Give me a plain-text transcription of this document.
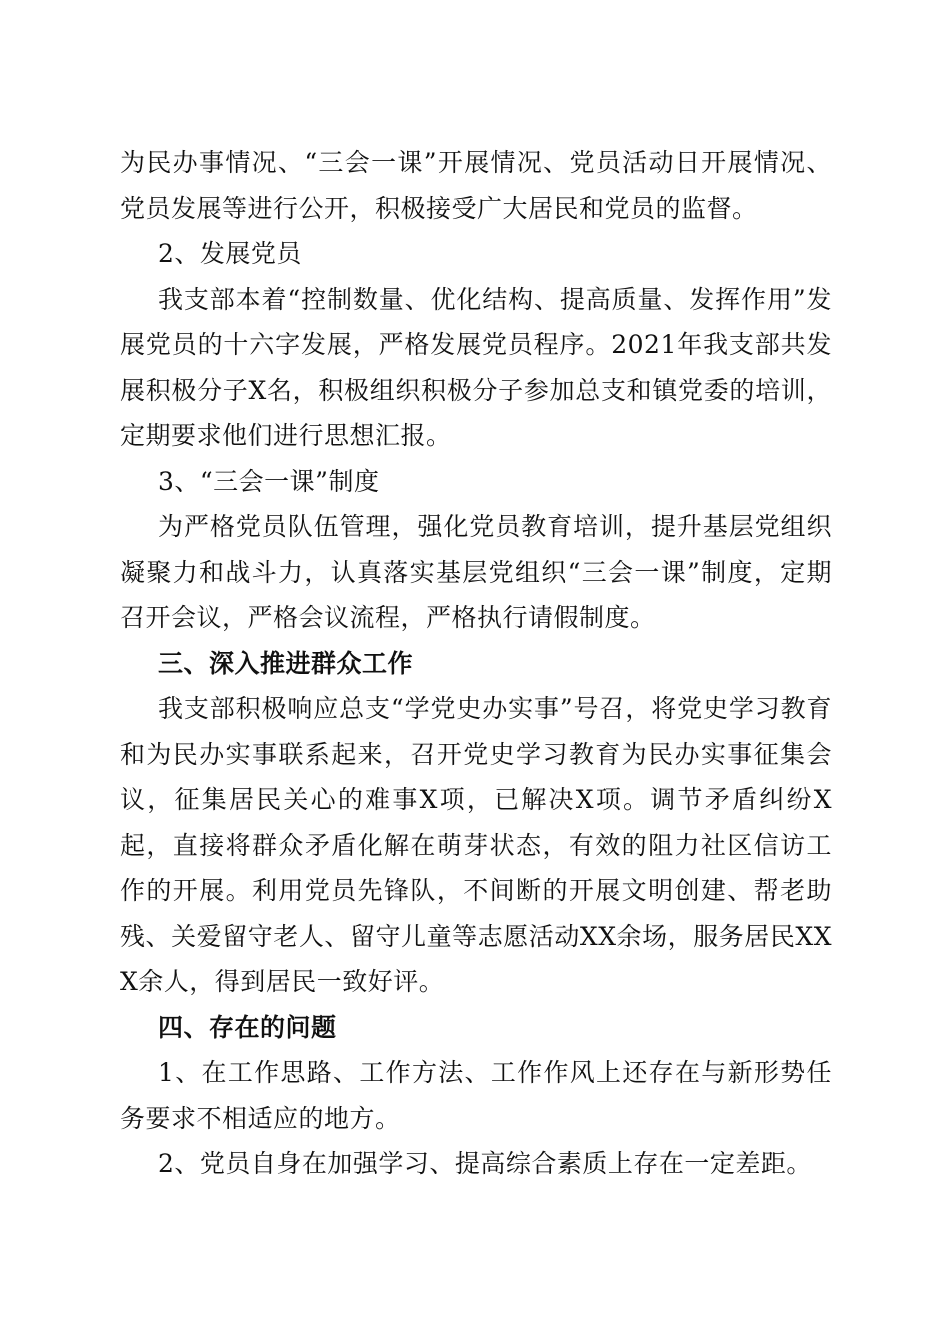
为民办事情况、“三会一课”开展情况、党员活动日开展情况、党员发展等进行公开，积极接受广大居民和党员的监督。

2、发展党员

我支部本着“控制数量、优化结构、提高质量、发挥作用”发展党员的十六字发展，严格发展党员程序。2021年我支部共发展积极分子X名，积极组织积极分子参加总支和镇党委的培训，定期要求他们进行思想汇报。

3、“三会一课”制度

为严格党员队伍管理，强化党员教育培训，提升基层党组织凝聚力和战斗力，认真落实基层党组织“三会一课”制度，定期召开会议，严格会议流程，严格执行请假制度。

三、深入推进群众工作

我支部积极响应总支“学党史办实事”号召，将党史学习教育和为民办实事联系起来，召开党史学习教育为民办实事征集会议，征集居民关心的难事X项，已解决X项。调节矛盾纠纷X起，直接将群众矛盾化解在萌芽状态，有效的阻力社区信访工作的开展。利用党员先锋队，不间断的开展文明创建、帮老助残、关爱留守老人、留守儿童等志愿活动XX余场，服务居民XXX余人，得到居民一致好评。

四、存在的问题

1、在工作思路、工作方法、工作作风上还存在与新形势任务要求不相适应的地方。

2、党员自身在加强学习、提高综合素质上存在一定差距。
